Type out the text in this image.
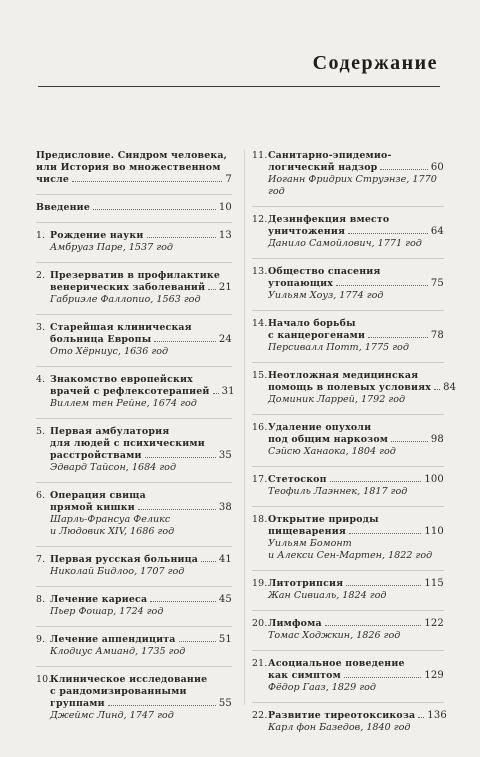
Содержание
Предисловие. Синдром человека,
или История во множественном
числе	7
Введение	10
1. Рождение науки	13
Амбруаз Паре, 1537 год
2. Презерватив в профилактике
венерических заболеваний 21
Габриэле Фаллопио, 1563 год
3. Старейшая клиническая
больница Европы	24
Ото Хёрниус, 1636 год
4. Знакомство европейских
врачей с рефлексотерапией 31
Виллем тен Рейне, 1674 год
5. Первая амбулатория
для людей с психическими
расстройствами	35
Эдвард Тайсон, 1684 год
6. Операция свища
прямой кишки	38
Шарль-Франсуа Феликс
и Людовик XIV, 1686 год
7. Первая русская больница 41
Николай Бидлоо, 1707 год
8. Лечение кариеса	45
Пьер Фошар, 1724 год
9. Лечение аппендицита	51
Клодиус Амианд, 1735 год
10.
Клиническое исследование
с рандомизированными
группами	55
Джеймс Линд, 1747 год
11. Санитарно-эпидемио-
логический надзор	60
Иоганн Фридрих Струэнзе, 1770 год
12. Дезинфекция вместо
уничтожения	64
Данило Самойлович, 1771 год
13. Общество спасения
утопающих	75
Уильям Хоуз, 1774 год
14. Начало борьбы
с канцерогенами	78
Персивалл Потт, 1775 год
15. Неотложная медицинская
помощь в полевых условиях 84
Доминик Ларрей, 1792 год
16. Удаление опухоли
под общим наркозом	98
Сэйсю Ханаока, 1804 год
17. Стетоскоп	100
Теофиль Лаэннек, 1817 год
18. Открытие природы
пищеварения	110
Уильям Бомонт
и Алекси Сен-Мартен, 1822 год
19. Литотрипсия	115
Жан Сивиаль, 1824 год
20. Лимфома	122
Томас Ходжкин, 1826 год
21. Асоциальное поведение
как симптом	129
Фёдор Гааз, 1829 год
22. Развитие тиреотоксикоза 136
Карл фон Базедов, 1840 год
